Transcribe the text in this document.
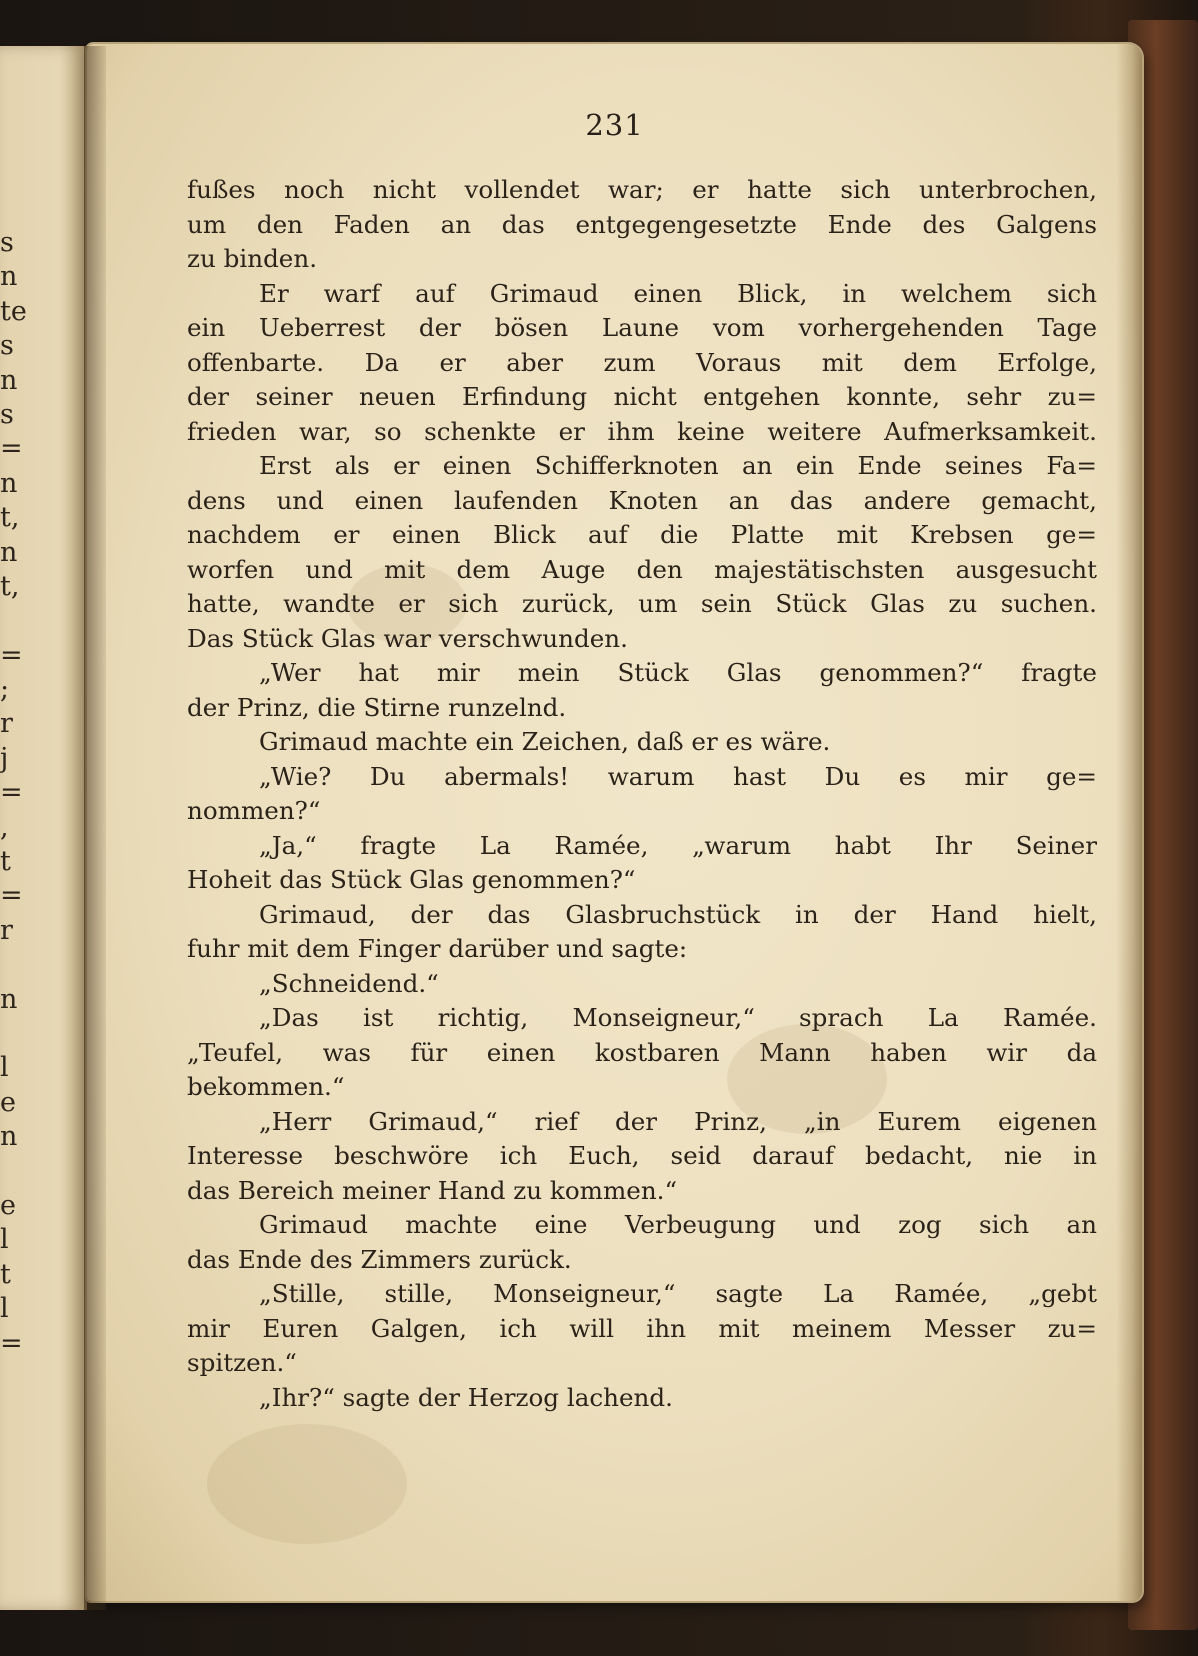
s
n
te
s
n
s
=
n
t,
n
t,
=
;
r
j
=
,
t
=
r
n
l
e
n
e
l
t
l
=
231
fußes noch nicht vollendet war; er hatte sich unterbrochen,
um den Faden an das entgegengesetzte Ende des Galgens
zu binden.
Er warf auf Grimaud einen Blick, in welchem sich
ein Ueberrest der bösen Laune vom vorhergehenden Tage
offenbarte. Da er aber zum Voraus mit dem Erfolge,
der seiner neuen Erfindung nicht entgehen konnte, sehr zu=
frieden war, so schenkte er ihm keine weitere Aufmerksamkeit.
Erst als er einen Schifferknoten an ein Ende seines Fa=
dens und einen laufenden Knoten an das andere gemacht,
nachdem er einen Blick auf die Platte mit Krebsen ge=
worfen und mit dem Auge den majestätischsten ausgesucht
hatte, wandte er sich zurück, um sein Stück Glas zu suchen.
Das Stück Glas war verschwunden.
„Wer hat mir mein Stück Glas genommen?“ fragte
der Prinz, die Stirne runzelnd.
Grimaud machte ein Zeichen, daß er es wäre.
„Wie? Du abermals! warum hast Du es mir ge=
nommen?“
„Ja,“ fragte La Ramée, „warum habt Ihr Seiner
Hoheit das Stück Glas genommen?“
Grimaud, der das Glasbruchstück in der Hand hielt,
fuhr mit dem Finger darüber und sagte:
„Schneidend.“
„Das ist richtig, Monseigneur,“ sprach La Ramée.
„Teufel, was für einen kostbaren Mann haben wir da
bekommen.“
„Herr Grimaud,“ rief der Prinz, „in Eurem eigenen
Interesse beschwöre ich Euch, seid darauf bedacht, nie in
das Bereich meiner Hand zu kommen.“
Grimaud machte eine Verbeugung und zog sich an
das Ende des Zimmers zurück.
„Stille, stille, Monseigneur,“ sagte La Ramée, „gebt
mir Euren Galgen, ich will ihn mit meinem Messer zu=
spitzen.“
„Ihr?“ sagte der Herzog lachend.
